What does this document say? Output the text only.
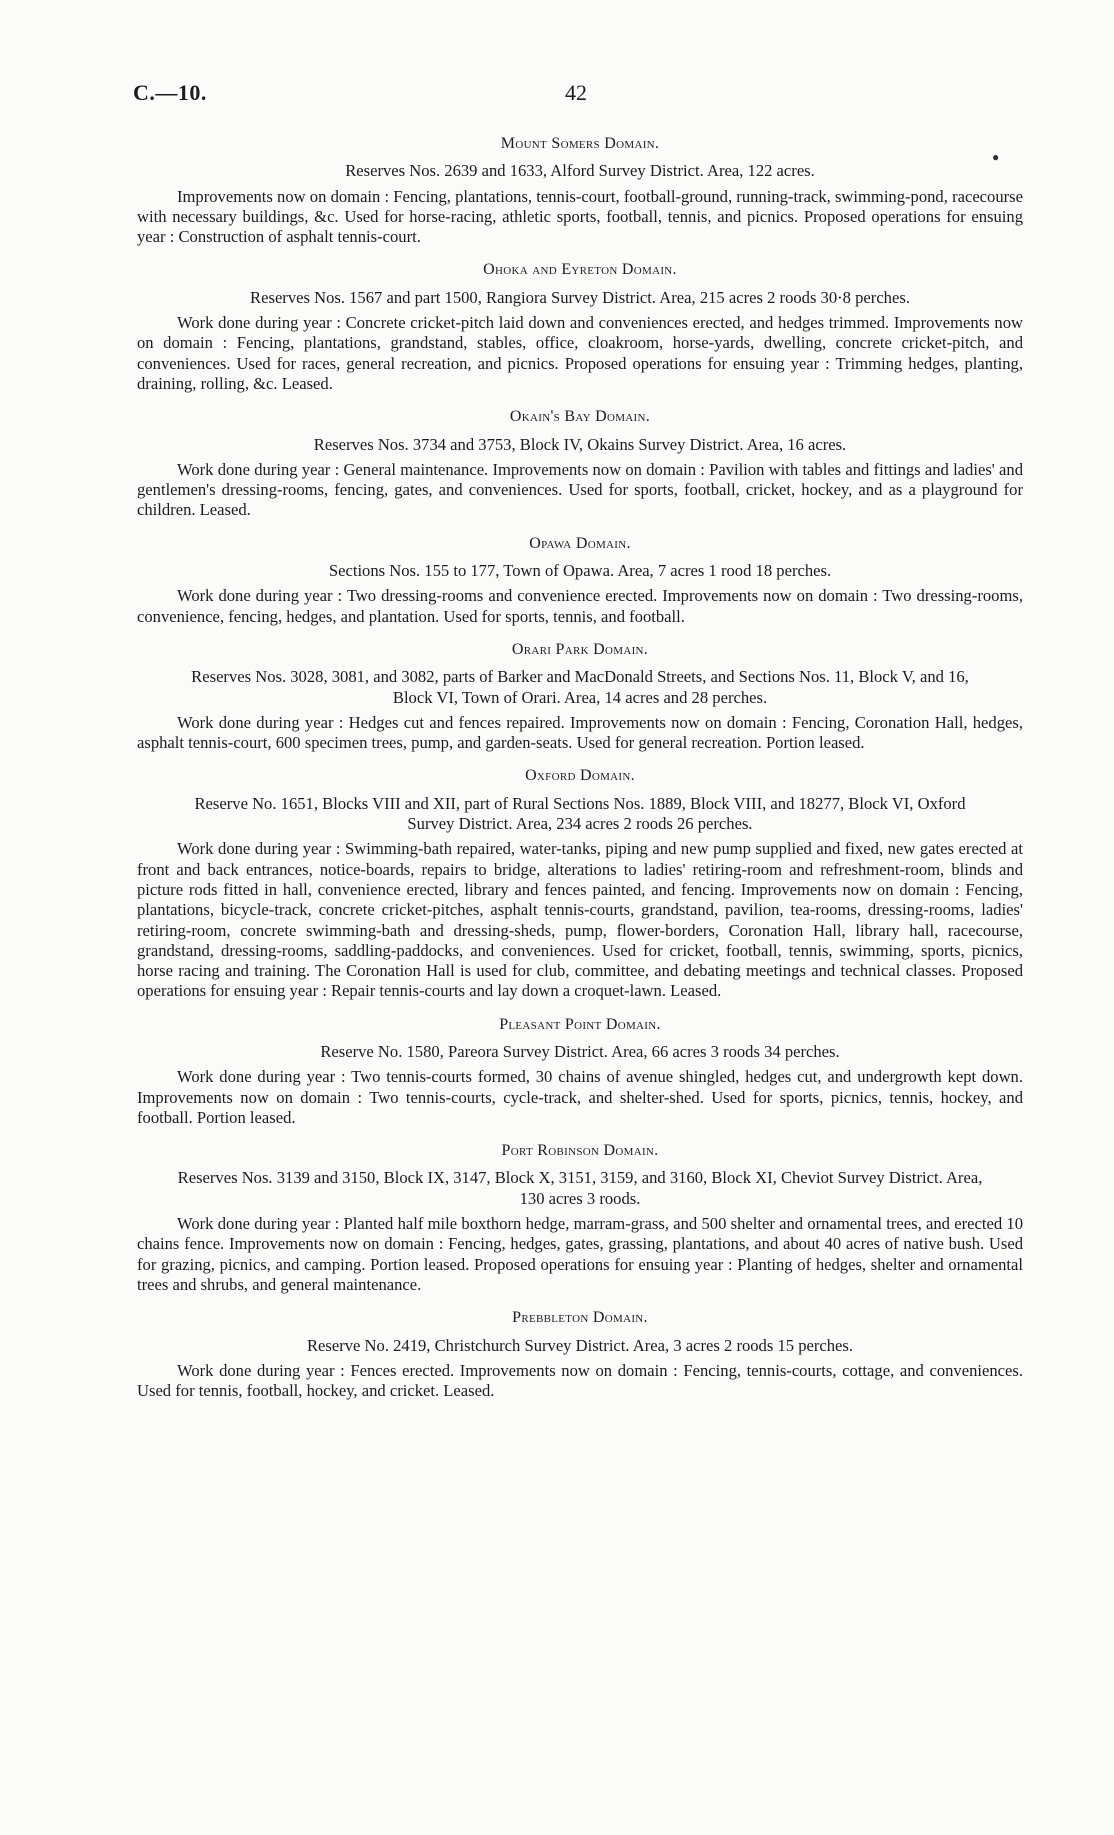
C.—10.	42
●
Mount Somers Domain.
Reserves Nos. 2639 and 1633, Alford Survey District. Area, 122 acres.
Improvements now on domain : Fencing, plantations, tennis-court, football-ground, running-track, swimming-pond, racecourse with necessary buildings, &c. Used for horse-racing, athletic sports, football, tennis, and picnics. Proposed operations for ensuing year : Construction of asphalt tennis-court.
Ohoka and Eyreton Domain.
Reserves Nos. 1567 and part 1500, Rangiora Survey District. Area, 215 acres 2 roods 30·8 perches.
Work done during year : Concrete cricket-pitch laid down and conveniences erected, and hedges trimmed. Improvements now on domain : Fencing, plantations, grandstand, stables, office, cloakroom, horse-yards, dwelling, concrete cricket-pitch, and conveniences. Used for races, general recreation, and picnics. Proposed operations for ensuing year : Trimming hedges, planting, draining, rolling, &c. Leased.
Okain's Bay Domain.
Reserves Nos. 3734 and 3753, Block IV, Okains Survey District. Area, 16 acres.
Work done during year : General maintenance. Improvements now on domain : Pavilion with tables and fittings and ladies' and gentlemen's dressing-rooms, fencing, gates, and conveniences. Used for sports, football, cricket, hockey, and as a playground for children. Leased.
Opawa Domain.
Sections Nos. 155 to 177, Town of Opawa. Area, 7 acres 1 rood 18 perches.
Work done during year : Two dressing-rooms and convenience erected. Improvements now on domain : Two dressing-rooms, convenience, fencing, hedges, and plantation. Used for sports, tennis, and football.
Orari Park Domain.
Reserves Nos. 3028, 3081, and 3082, parts of Barker and MacDonald Streets, and Sections Nos. 11, Block V, and 16, Block VI, Town of Orari. Area, 14 acres and 28 perches.
Work done during year : Hedges cut and fences repaired. Improvements now on domain : Fencing, Coronation Hall, hedges, asphalt tennis-court, 600 specimen trees, pump, and garden-seats. Used for general recreation. Portion leased.
Oxford Domain.
Reserve No. 1651, Blocks VIII and XII, part of Rural Sections Nos. 1889, Block VIII, and 18277, Block VI, Oxford Survey District. Area, 234 acres 2 roods 26 perches.
Work done during year : Swimming-bath repaired, water-tanks, piping and new pump supplied and fixed, new gates erected at front and back entrances, notice-boards, repairs to bridge, alterations to ladies' retiring-room and refreshment-room, blinds and picture rods fitted in hall, convenience erected, library and fences painted, and fencing. Improvements now on domain : Fencing, plantations, bicycle-track, concrete cricket-pitches, asphalt tennis-courts, grandstand, pavilion, tea-rooms, dressing-rooms, ladies' retiring-room, concrete swimming-bath and dressing-sheds, pump, flower-borders, Coronation Hall, library hall, racecourse, grandstand, dressing-rooms, saddling-paddocks, and conveniences. Used for cricket, football, tennis, swimming, sports, picnics, horse racing and training. The Coronation Hall is used for club, committee, and debating meetings and technical classes. Proposed operations for ensuing year : Repair tennis-courts and lay down a croquet-lawn. Leased.
Pleasant Point Domain.
Reserve No. 1580, Pareora Survey District. Area, 66 acres 3 roods 34 perches.
Work done during year : Two tennis-courts formed, 30 chains of avenue shingled, hedges cut, and undergrowth kept down. Improvements now on domain : Two tennis-courts, cycle-track, and shelter-shed. Used for sports, picnics, tennis, hockey, and football. Portion leased.
Port Robinson Domain.
Reserves Nos. 3139 and 3150, Block IX, 3147, Block X, 3151, 3159, and 3160, Block XI, Cheviot Survey District. Area, 130 acres 3 roods.
Work done during year : Planted half mile boxthorn hedge, marram-grass, and 500 shelter and ornamental trees, and erected 10 chains fence. Improvements now on domain : Fencing, hedges, gates, grassing, plantations, and about 40 acres of native bush. Used for grazing, picnics, and camping. Portion leased. Proposed operations for ensuing year : Planting of hedges, shelter and ornamental trees and shrubs, and general maintenance.
Prebbleton Domain.
Reserve No. 2419, Christchurch Survey District. Area, 3 acres 2 roods 15 perches.
Work done during year : Fences erected. Improvements now on domain : Fencing, tennis-courts, cottage, and conveniences. Used for tennis, football, hockey, and cricket. Leased.
